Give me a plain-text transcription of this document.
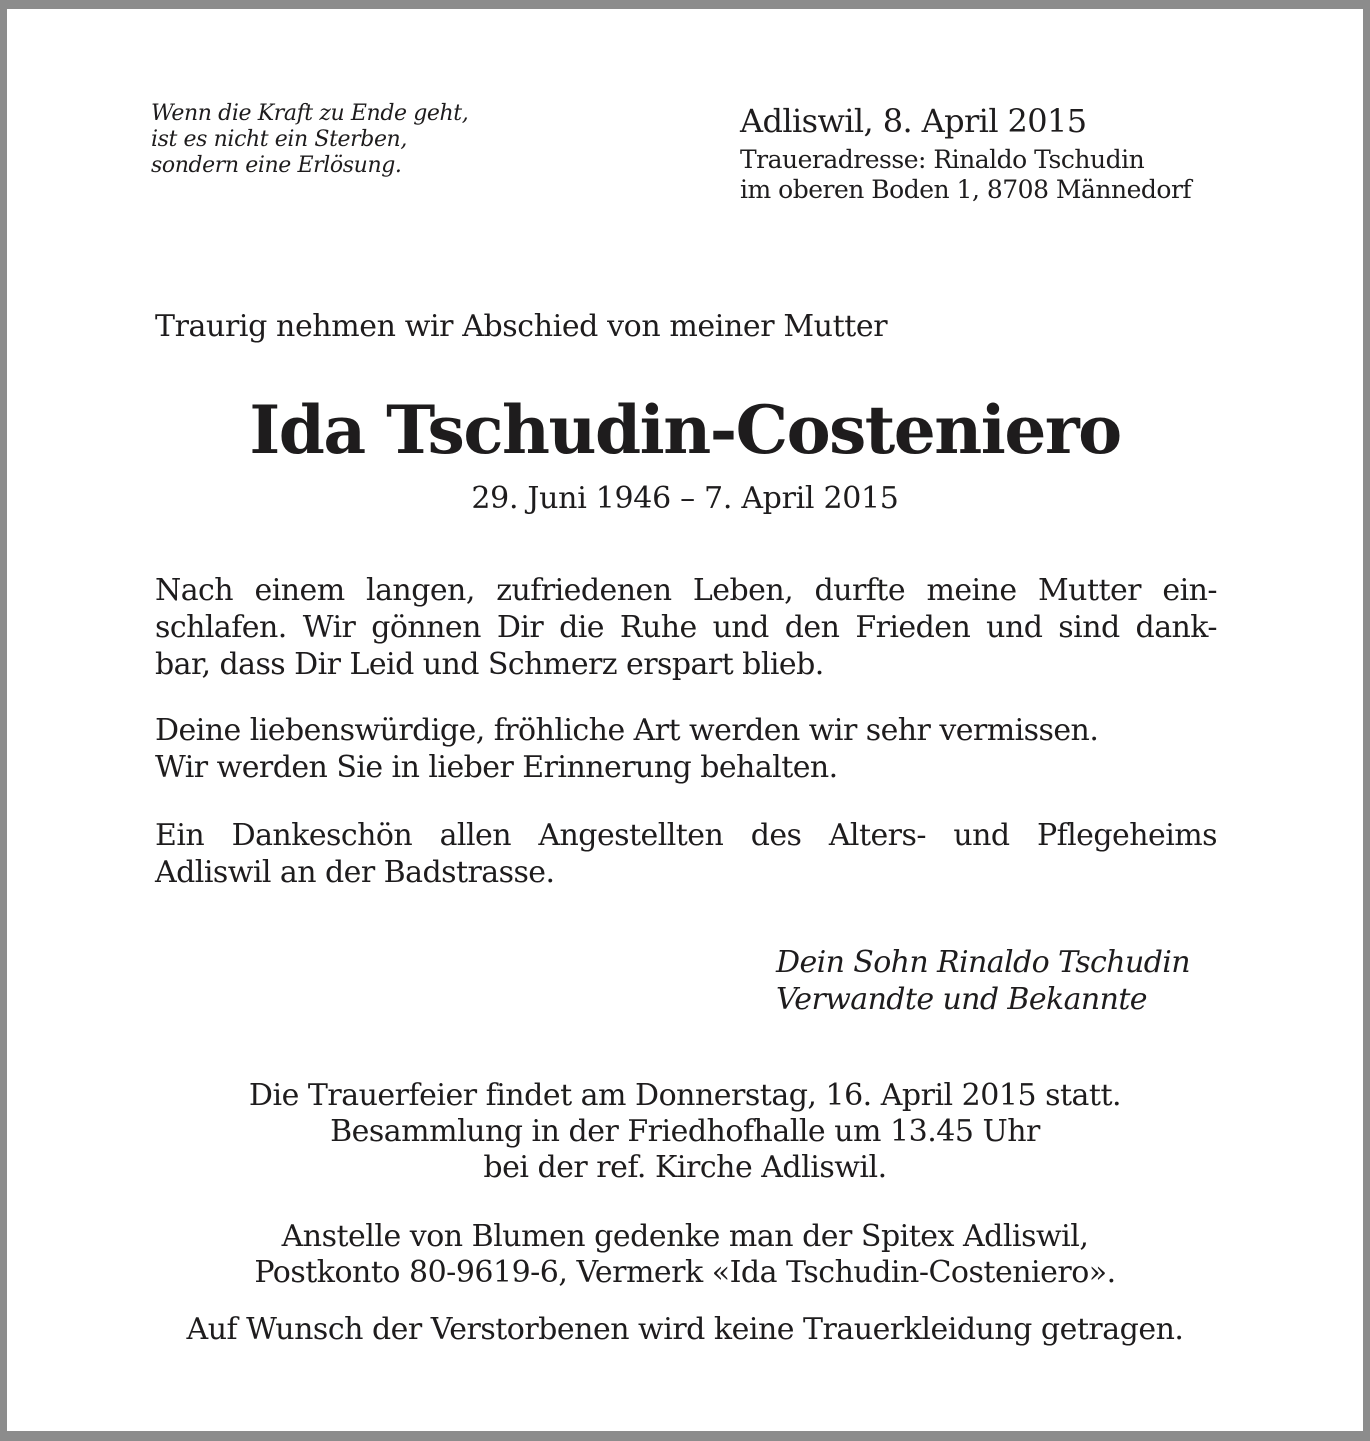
Wenn die Kraft zu Ende geht,
ist es nicht ein Sterben,
sondern eine Erlösung.
Adliswil, 8. April 2015
Traueradresse: Rinaldo Tschudin
im oberen Boden 1, 8708 Männedorf
Traurig nehmen wir Abschied von meiner Mutter
Ida Tschudin-Costeniero
29. Juni 1946 – 7. April 2015
Nach einem langen, zufriedenen Leben, durfte meine Mutter ein-
schlafen. Wir gönnen Dir die Ruhe und den Frieden und sind dank-
bar, dass Dir Leid und Schmerz erspart blieb.
Deine liebenswürdige, fröhliche Art werden wir sehr vermissen.
Wir werden Sie in lieber Erinnerung behalten.
Ein Dankeschön allen Angestellten des Alters- und Pflegeheims
Adliswil an der Badstrasse.
Dein Sohn Rinaldo Tschudin
Verwandte und Bekannte
Die Trauerfeier findet am Donnerstag, 16. April 2015 statt.
Besammlung in der Friedhofhalle um 13.45 Uhr
bei der ref. Kirche Adliswil.
Anstelle von Blumen gedenke man der Spitex Adliswil,
Postkonto 80-9619-6, Vermerk «Ida Tschudin-Costeniero».
Auf Wunsch der Verstorbenen wird keine Trauerkleidung getragen.
